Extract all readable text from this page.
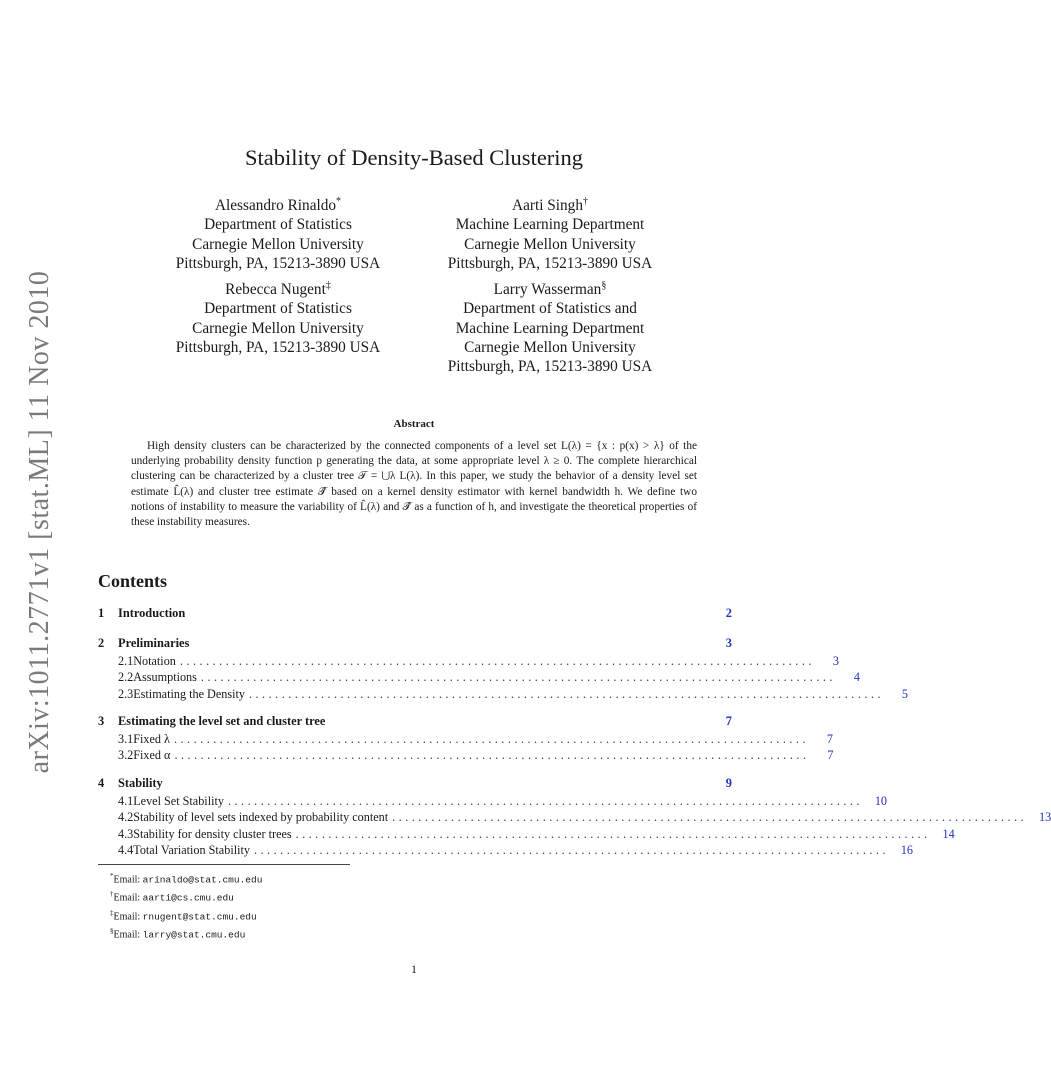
arXiv:1011.2771v1 [stat.ML] 11 Nov 2010
Stability of Density-Based Clustering
Alessandro Rinaldo*
Department of Statistics
Carnegie Mellon University
Pittsburgh, PA, 15213-3890 USA
Aarti Singh†
Machine Learning Department
Carnegie Mellon University
Pittsburgh, PA, 15213-3890 USA
Rebecca Nugent‡
Department of Statistics
Carnegie Mellon University
Pittsburgh, PA, 15213-3890 USA
Larry Wasserman§
Department of Statistics and
Machine Learning Department
Carnegie Mellon University
Pittsburgh, PA, 15213-3890 USA
Abstract
High density clusters can be characterized by the connected components of a level set L(λ) = {x : p(x) > λ} of the underlying probability density function p generating the data, at some appropriate level λ ≥ 0. The complete hierarchical clustering can be characterized by a cluster tree 𝒯 = ⋃λ L(λ). In this paper, we study the behavior of a density level set estimate L̂(λ) and cluster tree estimate 𝒯̂ based on a kernel density estimator with kernel bandwidth h. We define two notions of instability to measure the variability of L̂(λ) and 𝒯̂ as a function of h, and investigate the theoretical properties of these instability measures.
Contents
1	Introduction	2
2	Preliminaries	3
2.1 Notation .................................................................................................	3
2.2 Assumptions .................................................................................................	4
2.3 Estimating the Density .................................................................................................	5
3	Estimating the level set and cluster tree	7
3.1 Fixed λ .................................................................................................	7
3.2 Fixed α .................................................................................................	7
4	Stability	9
4.1 Level Set Stability ................................................................................................. 10
4.2 Stability of level sets indexed by probability content ................................................................................................. 13
4.3 Stability for density cluster trees ................................................................................................. 14
4.4 Total Variation Stability ................................................................................................. 16
*Email: arinaldo@stat.cmu.edu
†Email: aarti@cs.cmu.edu
‡Email: rnugent@stat.cmu.edu
§Email: larry@stat.cmu.edu
1
